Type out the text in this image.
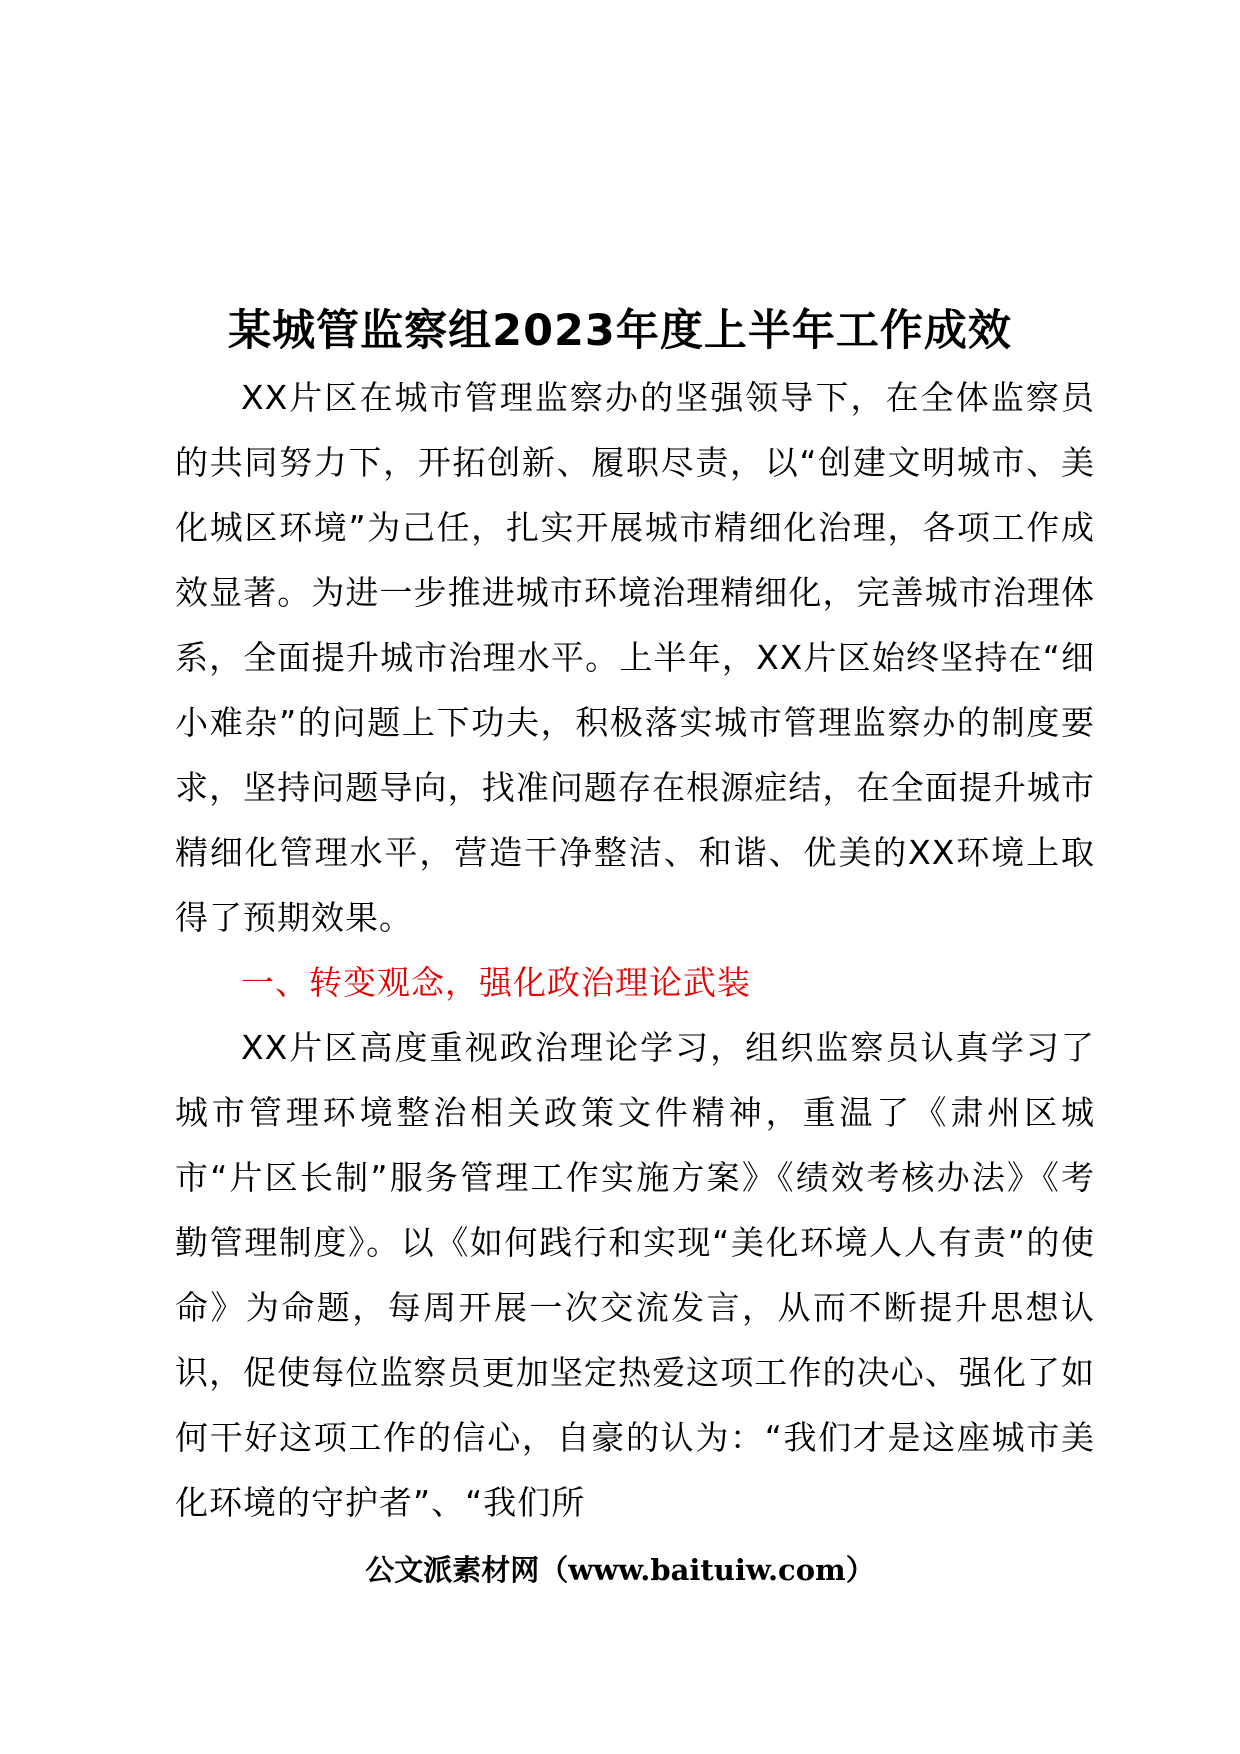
某城管监察组2023年度上半年工作成效

XX片区在城市管理监察办的坚强领导下，在全体监察员的共同努力下，开拓创新、履职尽责，以“创建文明城市、美化城区环境”为己任，扎实开展城市精细化治理，各项工作成效显著。为进一步推进城市环境治理精细化，完善城市治理体系，全面提升城市治理水平。上半年，XX片区始终坚持在“细小难杂”的问题上下功夫，积极落实城市管理监察办的制度要求，坚持问题导向，找准问题存在根源症结，在全面提升城市精细化管理水平，营造干净整洁、和谐、优美的XX环境上取得了预期效果。

一、转变观念，强化政治理论武装

XX片区高度重视政治理论学习，组织监察员认真学习了城市管理环境整治相关政策文件精神，重温了《肃州区城市“片区长制”服务管理工作实施方案》《绩效考核办法》《考勤管理制度》。以《如何践行和实现“美化环境人人有责”的使命》为命题，每周开展一次交流发言，从而不断提升思想认识，促使每位监察员更加坚定热爱这项工作的决心、强化了如何干好这项工作的信心，自豪的认为：“我们才是这座城市美化环境的守护者”、“我们所

公文派素材网（www.baituiw.com）
